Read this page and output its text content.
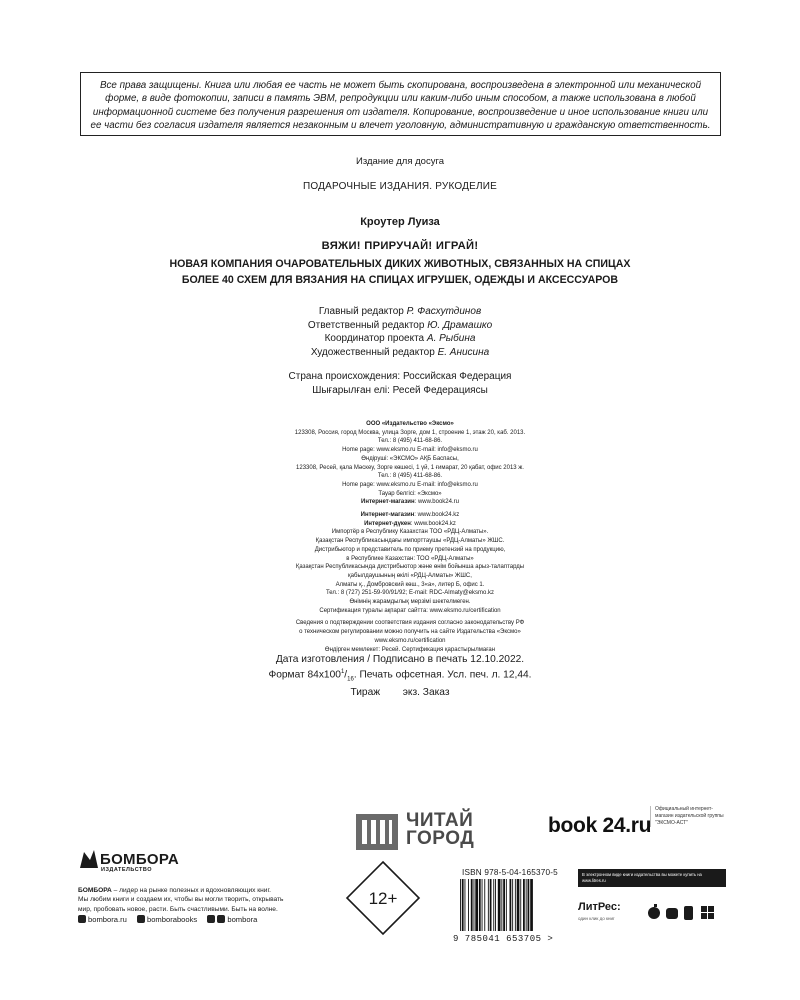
Все права защищены. Книга или любая ее часть не может быть скопирована, воспроизведена в электронной или механической форме, в виде фотокопии, записи в память ЭВМ, репродукции или каким-либо иным способом, а также использована в любой информационной системе без получения разрешения от издателя. Копирование, воспроизведение и иное использование книги или ее части без согласия издателя является незаконным и влечет уголовную, административную и гражданскую ответственность.
Издание для досуга
ПОДАРОЧНЫЕ ИЗДАНИЯ. РУКОДЕЛИЕ
Кроутер Луиза
ВЯЖИ! ПРИРУЧАЙ! ИГРАЙ!
НОВАЯ КОМПАНИЯ ОЧАРОВАТЕЛЬНЫХ ДИКИХ ЖИВОТНЫХ, СВЯЗАННЫХ НА СПИЦАХ
БОЛЕЕ 40 СХЕМ ДЛЯ ВЯЗАНИЯ НА СПИЦАХ ИГРУШЕК, ОДЕЖДЫ И АКСЕССУАРОВ
Главный редактор Р. Фасхутдинов
Ответственный редактор Ю. Драмашко
Координатор проекта А. Рыбина
Художественный редактор Е. Анисина
Страна происхождения: Российская Федерация
Шығарылған елі: Ресей Федерациясы
ООО «Издательство «Эксмо»
123308, Россия, город Москва, улица Зорге, дом 1, строение 1, этаж 20, каб. 2013.
Тел.: 8 (495) 411-68-86.
Home page: www.eksmo.ru E-mail: info@eksmo.ru
Өндіруші: «ЭКСМО» АҚБ Баспасы,
123308, Ресей, қала Мәскеу, Зорге көшесі, 1 үй, 1 ғимарат, 20 қабат, офис 2013 ж.
Тел.: 8 (495) 411-68-86.
Home page: www.eksmo.ru E-mail: info@eksmo.ru
Тауар белгісі: «Эксмо»
Интернет-магазин: www.book24.ru
Интернет-магазин: www.book24.kz
Интернет-дүкен: www.book24.kz
Импортёр в Республику Казахстан ТОО «РДЦ-Алматы».
Қазақстан Республикасындағы импорттаушы «РДЦ-Алматы» ЖШС.
Дистрибьютор и представитель по приему претензий на продукцию,
в Республике Казахстан: ТОО «РДЦ-Алматы»
Қазақстан Республикасында дистрибьютор және өнім бойынша арыз-талаптарды
қабылдаушының өкілі «РДЦ-Алматы» ЖШС,
Алматы қ., Домбровский көш., 3«а», литер Б, офис 1.
Тел.: 8 (727) 251-59-90/91/92; E-mail: RDC-Almaty@eksmo.kz
Өнімнің жарамдылық мерзімі шектелмеген.
Сертификация туралы ақпарат сайтта: www.eksmo.ru/certification
Сведения о подтверждении соответствия издания согласно законодательству РФ
о техническом регулировании можно получить на сайте Издательства «Эксмо»
www.eksmo.ru/certification
Өндірген мемлекет: Ресей. Сертификация қарастырылмаған
Дата изготовления / Подписано в печать 12.10.2022.
Формат $84х100^1/_{16}$. Печать офсетная. Усл. печ. л. 12,44.
Тираж        экз. Заказ
ЧИТАЙ
ГОРОД
book 24.ru
Официальный интернет-магазин издательской группы "ЭКСМО-АСТ"
БОМБОРА
ИЗДАТЕЛЬСТВО
БОМБОРА – лидер на рынке полезных и вдохновляющих книг.
Мы любим книги и создаем их, чтобы вы могли творить, открывать
мир, пробовать новое, расти. Быть счастливыми. Быть на волне.
bombora.ru	bomborabooks	bombora
12+
ISBN 978-5-04-165370-5
9 785041 653705 >
В электронном виде книги издательства вы можете купить на www.litres.ru
ЛитРес:
один клик до книг
